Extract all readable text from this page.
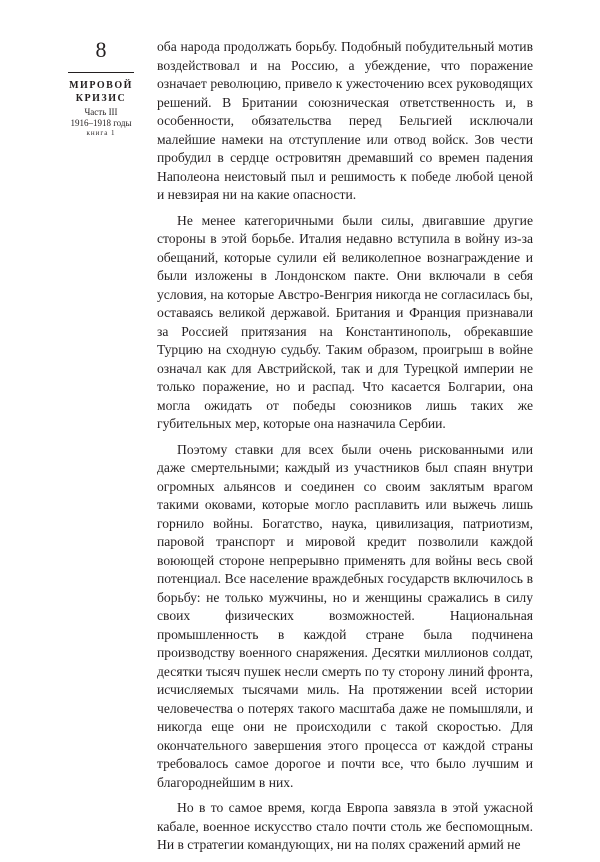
8
МИРОВОЙ
КРИЗИС
Часть III
1916–1918 годы
книга 1

оба народа продолжать борьбу. Подобный побудительный мотив воздействовал и на Россию, а убеждение, что поражение означает революцию, привело к ужесточению всех руководящих решений. В Британии союзническая ответственность и, в особенности, обязательства перед Бельгией исключали малейшие намеки на отступление или отвод войск. Зов чести пробудил в сердце островитян дремавший со времен падения Наполеона неистовый пыл и решимость к победе любой ценой и невзирая ни на какие опасности.

Не менее категоричными были силы, двигавшие другие стороны в этой борьбе. Италия недавно вступила в войну из-за обещаний, которые сулили ей великолепное вознаграждение и были изложены в Лондонском пакте. Они включали в себя условия, на которые Австро-Венгрия никогда не согласилась бы, оставаясь великой державой. Британия и Франция признавали за Россией притязания на Константинополь, обрекавшие Турцию на сходную судьбу. Таким образом, проигрыш в войне означал как для Австрийской, так и для Турецкой империи не только поражение, но и распад. Что касается Болгарии, она могла ожидать от победы союзников лишь таких же губительных мер, которые она назначила Сербии.

Поэтому ставки для всех были очень рискованными или даже смертельными; каждый из участников был спаян внутри огромных альянсов и соединен со своим заклятым врагом такими оковами, которые могло расплавить или выжечь лишь горнило войны. Богатство, наука, цивилизация, патриотизм, паровой транспорт и мировой кредит позволили каждой воюющей стороне непрерывно применять для войны весь свой потенциал. Все население враждебных государств включилось в борьбу: не только мужчины, но и женщины сражались в силу своих физических возможностей. Национальная промышленность в каждой стране была подчинена производству военного снаряжения. Десятки миллионов солдат, десятки тысяч пушек несли смерть по ту сторону линий фронта, исчисляемых тысячами миль. На протяжении всей истории человечества о потерях такого масштаба даже не помышляли, и никогда еще они не происходили с такой скоростью. Для окончательного завершения этого процесса от каждой страны требовалось самое дорогое и почти все, что было лучшим и благороднейшим в них.

Но в то самое время, когда Европа завязла в этой ужасной кабале, военное искусство стало почти столь же беспомощным. Ни в стратегии командующих, ни на полях сражений армий не
